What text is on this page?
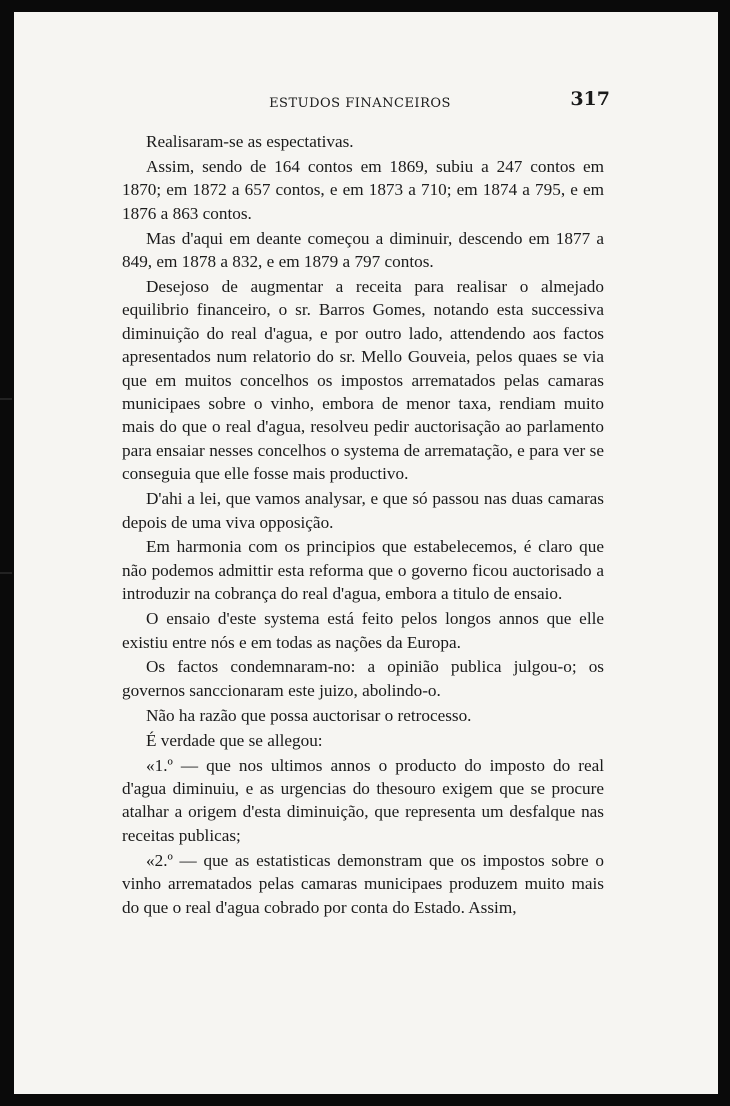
ESTUDOS FINANCEIROS	317

Realisaram-se as espectativas.

Assim, sendo de 164 contos em 1869, subiu a 247 contos em 1870; em 1872 a 657 contos, e em 1873 a 710; em 1874 a 795, e em 1876 a 863 contos.

Mas d'aqui em deante começou a diminuir, descendo em 1877 a 849, em 1878 a 832, e em 1879 a 797 contos.

Desejoso de augmentar a receita para realisar o almejado equilibrio financeiro, o sr. Barros Gomes, notando esta successiva diminuição do real d'agua, e por outro lado, attendendo aos factos apresentados num relatorio do sr. Mello Gouveia, pelos quaes se via que em muitos concelhos os impostos arrematados pelas camaras municipaes sobre o vinho, embora de menor taxa, rendiam muito mais do que o real d'agua, resolveu pedir auctorisação ao parlamento para ensaiar nesses concelhos o systema de arrematação, e para ver se conseguia que elle fosse mais productivo.

D'ahi a lei, que vamos analysar, e que só passou nas duas camaras depois de uma viva opposição.

Em harmonia com os principios que estabelecemos, é claro que não podemos admittir esta reforma que o governo ficou auctorisado a introduzir na cobrança do real d'agua, embora a titulo de ensaio.

O ensaio d'este systema está feito pelos longos annos que elle existiu entre nós e em todas as nações da Europa.

Os factos condemnaram-no: a opinião publica julgou-o; os governos sanccionaram este juizo, abolindo-o.

Não ha razão que possa auctorisar o retrocesso.

É verdade que se allegou:

«1.º — que nos ultimos annos o producto do imposto do real d'agua diminuiu, e as urgencias do thesouro exigem que se procure atalhar a origem d'esta diminuição, que representa um desfalque nas receitas publicas;

«2.º — que as estatisticas demonstram que os impostos sobre o vinho arrematados pelas camaras municipaes produzem muito mais do que o real d'agua cobrado por conta do Estado. Assim,
